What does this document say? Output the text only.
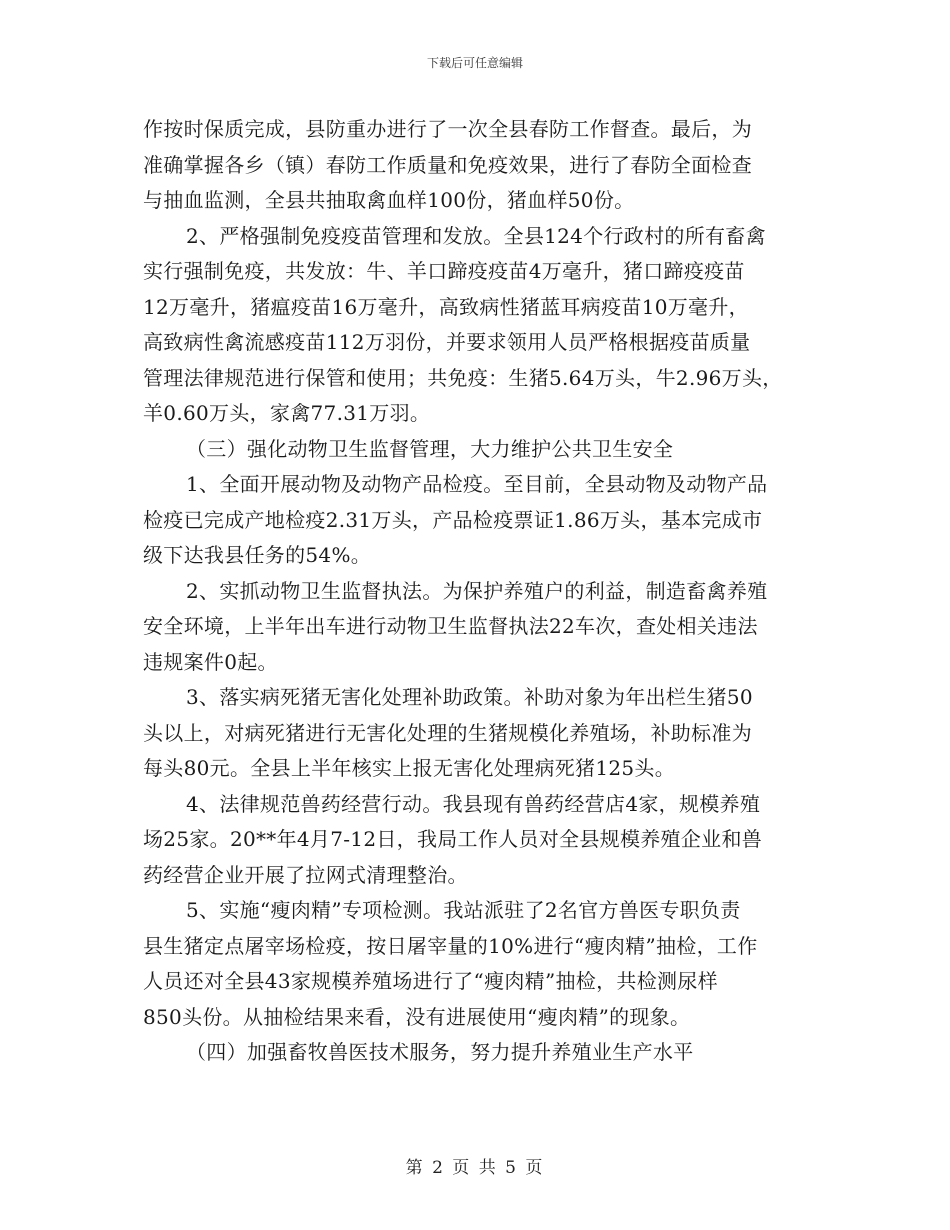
下载后可任意编辑
作按时保质完成，县防重办进行了一次全县春防工作督查。最后，为
准确掌握各乡（镇）春防工作质量和免疫效果，进行了春防全面检查
与抽血监测，全县共抽取禽血样100份，猪血样50份。
2、严格强制免疫疫苗管理和发放。全县124个行政村的所有畜禽
实行强制免疫，共发放：牛、羊口蹄疫疫苗4万毫升，猪口蹄疫疫苗
12万毫升，猪瘟疫苗16万毫升，高致病性猪蓝耳病疫苗10万毫升，
高致病性禽流感疫苗112万羽份，并要求领用人员严格根据疫苗质量
管理法律规范进行保管和使用；共免疫：生猪5.64万头，牛2.96万头，
羊0.60万头，家禽77.31万羽。
（三）强化动物卫生监督管理，大力维护公共卫生安全
1、全面开展动物及动物产品检疫。至目前，全县动物及动物产品
检疫已完成产地检疫2.31万头，产品检疫票证1.86万头，基本完成市
级下达我县任务的54%。
2、实抓动物卫生监督执法。为保护养殖户的利益，制造畜禽养殖
安全环境，上半年出车进行动物卫生监督执法22车次，查处相关违法
违规案件0起。
3、落实病死猪无害化处理补助政策。补助对象为年出栏生猪50
头以上，对病死猪进行无害化处理的生猪规模化养殖场，补助标准为
每头80元。全县上半年核实上报无害化处理病死猪125头。
4、法律规范兽药经营行动。我县现有兽药经营店4家，规模养殖
场25家。20**年4月7-12日，我局工作人员对全县规模养殖企业和兽
药经营企业开展了拉网式清理整治。
5、实施“瘦肉精”专项检测。我站派驻了2名官方兽医专职负责
县生猪定点屠宰场检疫，按日屠宰量的10%进行“瘦肉精”抽检，工作
人员还对全县43家规模养殖场进行了“瘦肉精”抽检，共检测尿样
850头份。从抽检结果来看，没有进展使用“瘦肉精”的现象。
（四）加强畜牧兽医技术服务，努力提升养殖业生产水平
第 2 页 共 5 页
